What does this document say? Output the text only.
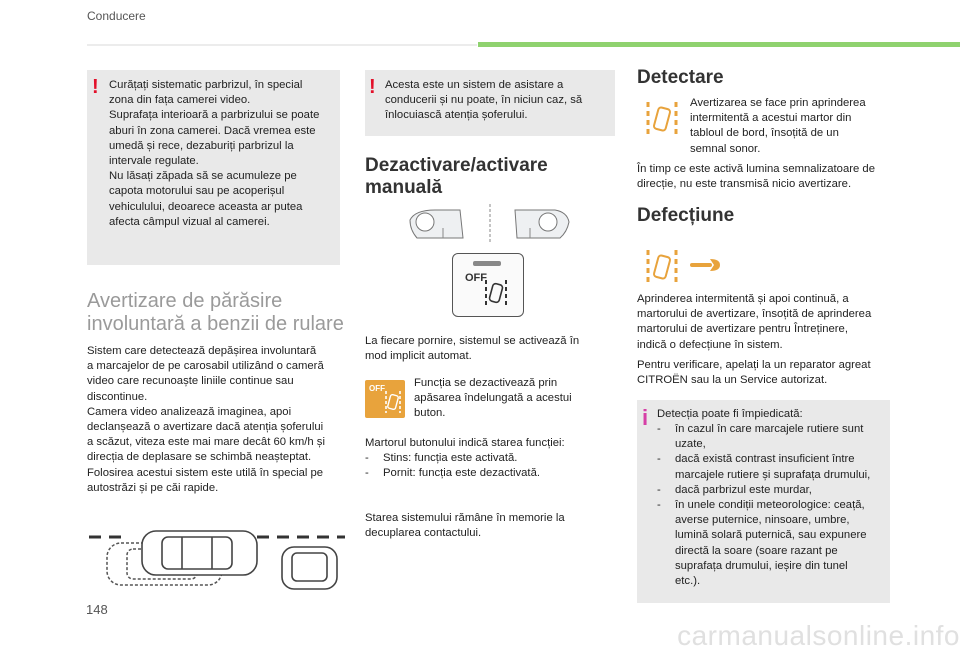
Conducere
! Curățați sistematic parbrizul, în special
zona din fața camerei video.
Suprafața interioară a parbrizului se poate
aburi în zona camerei. Dacă vremea este
umedă și rece, dezaburiți parbrizul la
intervale regulate.
Nu lăsați zăpada să se acumuleze pe
capota motorului sau pe acoperișul
vehiculului, deoarece aceasta ar putea
afecta câmpul vizual al camerei.
Avertizare de părăsire
involuntară a benzii de rulare
Sistem care detectează depășirea involuntară
a marcajelor de pe carosabil utilizând o cameră
video care recunoaște liniile continue sau
discontinue.
Camera video analizează imaginea, apoi
declanșează o avertizare dacă atenția șoferului
a scăzut, viteza este mai mare decât 60 km/h și
direcția de deplasare se schimbă neașteptat.
Folosirea acestui sistem este utilă în special pe
autostrăzi și pe căi rapide.
! Acesta este un sistem de asistare a
conducerii și nu poate, în niciun caz, să
înlocuiască atenția șoferului.
Dezactivare/activare
manuală
OFF
La fiecare pornire, sistemul se activează în
mod implicit automat.
OFF	Funcția se dezactivează prin
apăsarea îndelungată a acestui
buton.
Martorul butonului indică starea funcției:
-	Stins: funcția este activată.
-	Pornit: funcția este dezactivată.
Starea sistemului rămâne în memorie la
decuplarea contactului.
Detectare
Avertizarea se face prin aprinderea
intermitentă a acestui martor din
tabloul de bord, însoțită de un
semnal sonor.
În timp ce este activă lumina semnalizatoare de
direcție, nu este transmisă nicio avertizare.
Defecțiune
Aprinderea intermitentă și apoi continuă, a
martorului de avertizare, însoțită de aprinderea
martorului de avertizare pentru Întreținere,
indică o defecțiune în sistem.
Pentru verificare, apelați la un reparator agreat
CITROËN sau la un Service autorizat.
i Detecția poate fi împiedicată:
-	în cazul în care marcajele rutiere sunt
uzate,
-	dacă există contrast insuficient între
marcajele rutiere și suprafața drumului,
-	dacă parbrizul este murdar,
-	în unele condiții meteorologice: ceață,
averse puternice, ninsoare, umbre,
lumină solară puternică, sau expunere
directă la soare (soare razant pe
suprafața drumului, ieșire din tunel
etc.).
148
carmanualsonline.info
